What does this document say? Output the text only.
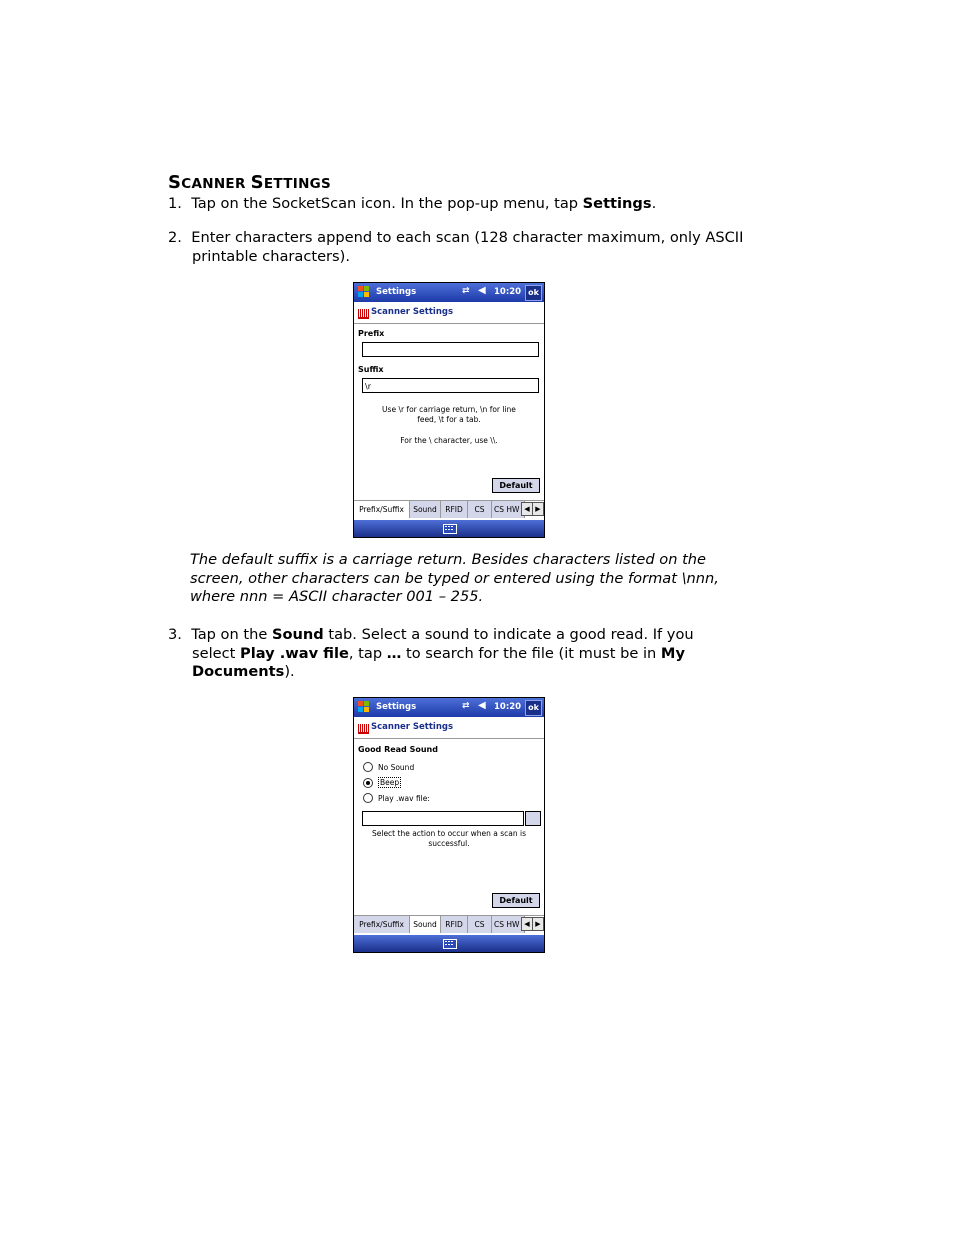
SCANNER SETTINGS
1. Tap on the SocketScan icon. In the pop-up menu, tap Settings.
2. Enter characters append to each scan (128 character maximum, only ASCII
printable characters).
Settings	⇄ ◀ 10:20 ok
Scanner Settings
Prefix
Suffix
\r
Use \r for carriage return, \n for line
feed, \t for a tab.
For the \ character, use \\.
Default
Prefix/Suffix	Sound	RFID	CS	CS HW ◀ ▶
The default suffix is a carriage return. Besides characters listed on the
screen, other characters can be typed or entered using the format \nnn,
where nnn = ASCII character 001 – 255.
3. Tap on the Sound tab. Select a sound to indicate a good read. If you
select Play .wav file, tap … to search for the file (it must be in My
Documents).
Settings	⇄ ◀ 10:20 ok
Scanner Settings
Good Read Sound
No Sound
Beep
Play .wav file:
Select the action to occur when a scan is
successful.
Default
Prefix/Suffix	Sound	RFID	CS	CS HW ◀ ▶
